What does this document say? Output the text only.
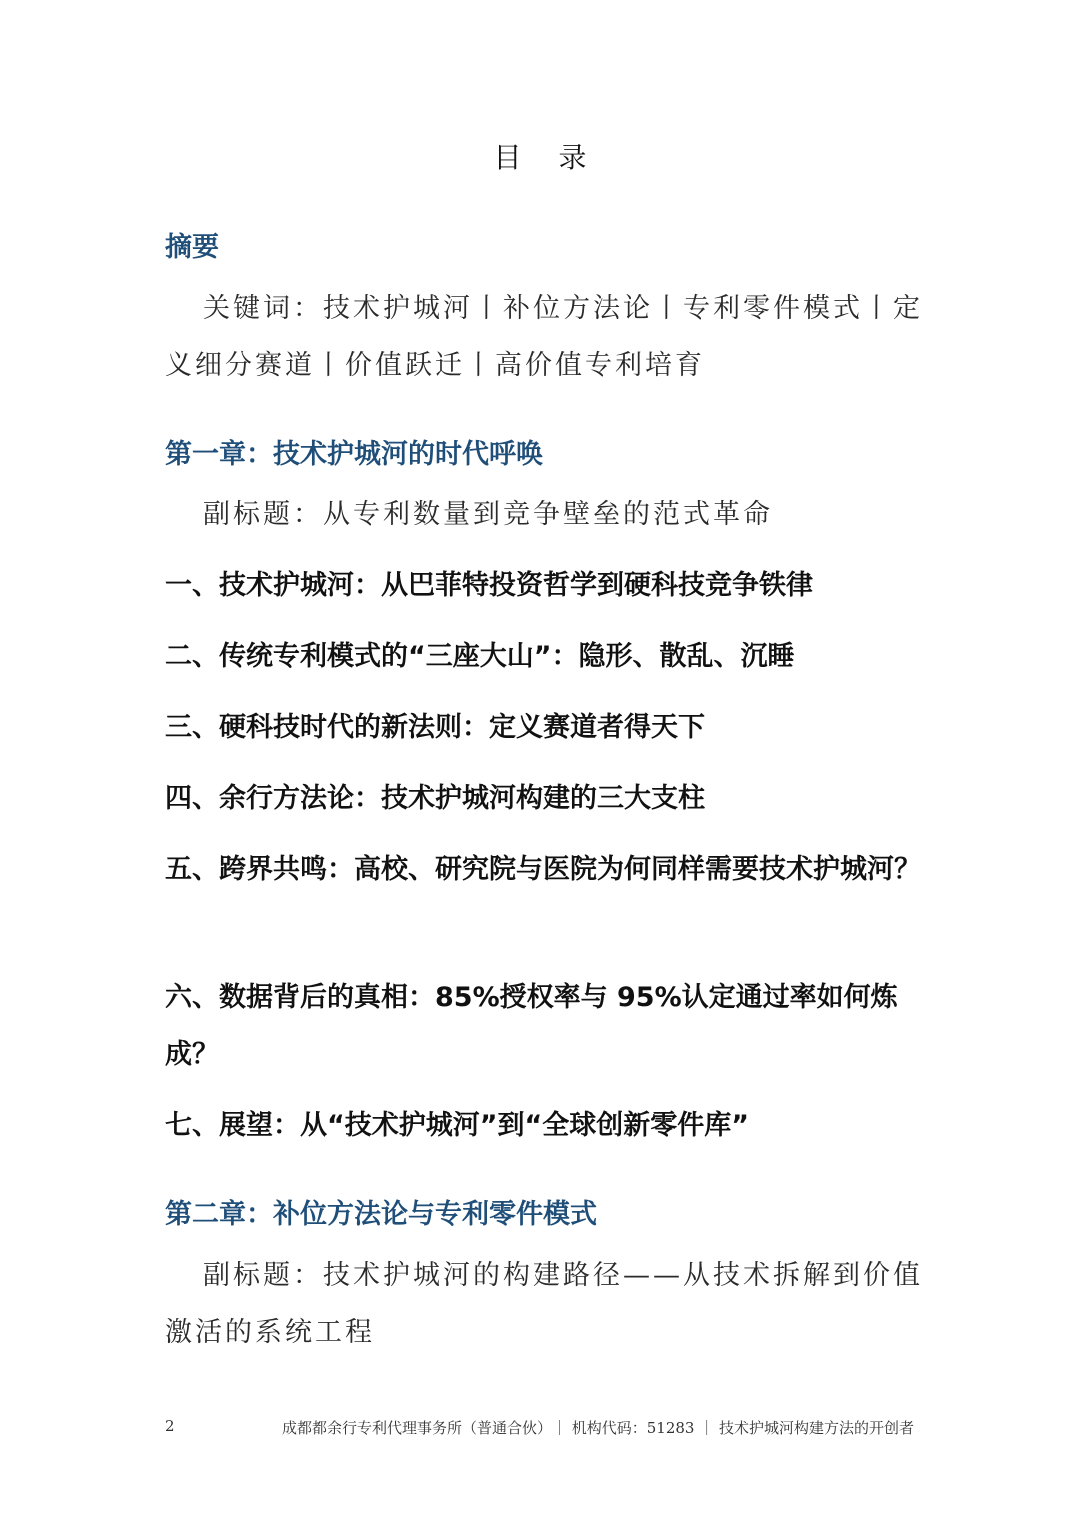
目 录
摘要
关键词：技术护城河丨补位方法论丨专利零件模式丨定义细分赛道丨价值跃迁丨高价值专利培育
第一章：技术护城河的时代呼唤
副标题：从专利数量到竞争壁垒的范式革命
一、技术护城河：从巴菲特投资哲学到硬科技竞争铁律
二、传统专利模式的“三座大山”：隐形、散乱、沉睡
三、硬科技时代的新法则：定义赛道者得天下
四、余行方法论：技术护城河构建的三大支柱
五、跨界共鸣：高校、研究院与医院为何同样需要技术护城河？
六、数据背后的真相：85%授权率与 95%认定通过率如何炼成？
七、展望：从“技术护城河”到“全球创新零件库”
第二章：补位方法论与专利零件模式
副标题：技术护城河的构建路径——从技术拆解到价值激活的系统工程
2	成都都余行专利代理事务所（普通合伙）｜ 机构代码：51283 ｜ 技术护城河构建方法的开创者
